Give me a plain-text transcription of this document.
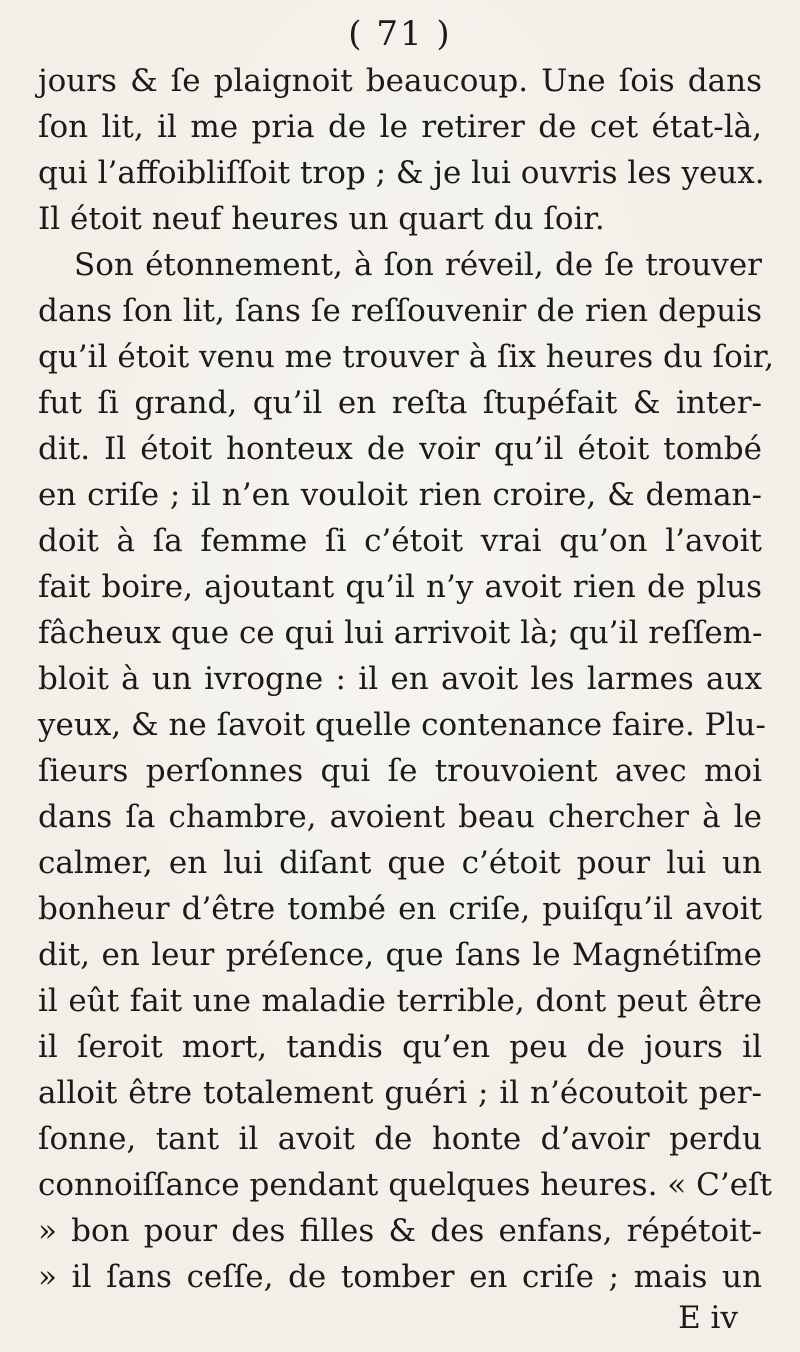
( 71 )
jours & ſe plaignoit beaucoup. Une ſois dans
ſon lit, il me pria de le retirer de cet état-là,
qui l’affoibliſſoit trop ; & je lui ouvris les yeux.
Il étoit neuf heures un quart du ſoir.
Son étonnement, à ſon réveil, de ſe trouver
dans ſon lit, ſans ſe reſſouvenir de rien depuis
qu’il étoit venu me trouver à ſix heures du ſoir,
fut ſi grand, qu’il en reſta ſtupéfait & inter-
dit. Il étoit honteux de voir qu’il étoit tombé
en criſe ; il n’en vouloit rien croire, & deman-
doit à ſa femme ſi c’étoit vrai qu’on l’avoit
fait boire, ajoutant qu’il n’y avoit rien de plus
fâcheux que ce qui lui arrivoit là; qu’il reſſem-
bloit à un ivrogne : il en avoit les larmes aux
yeux, & ne ſavoit quelle contenance faire. Plu-
ſieurs perſonnes qui ſe trouvoient avec moi
dans ſa chambre, avoient beau chercher à le
calmer, en lui diſant que c’étoit pour lui un
bonheur d’être tombé en criſe, puiſqu’il avoit
dit, en leur préſence, que ſans le Magnétiſme
il eût fait une maladie terrible, dont peut être
il ſeroit mort, tandis qu’en peu de jours il
alloit être totalement guéri ; il n’écoutoit per-
ſonne, tant il avoit de honte d’avoir perdu
connoiſſance pendant quelques heures. « C’eſt
» bon pour des filles & des enfans, répétoit-
» il ſans ceſſe, de tomber en criſe ; mais un
E iv
